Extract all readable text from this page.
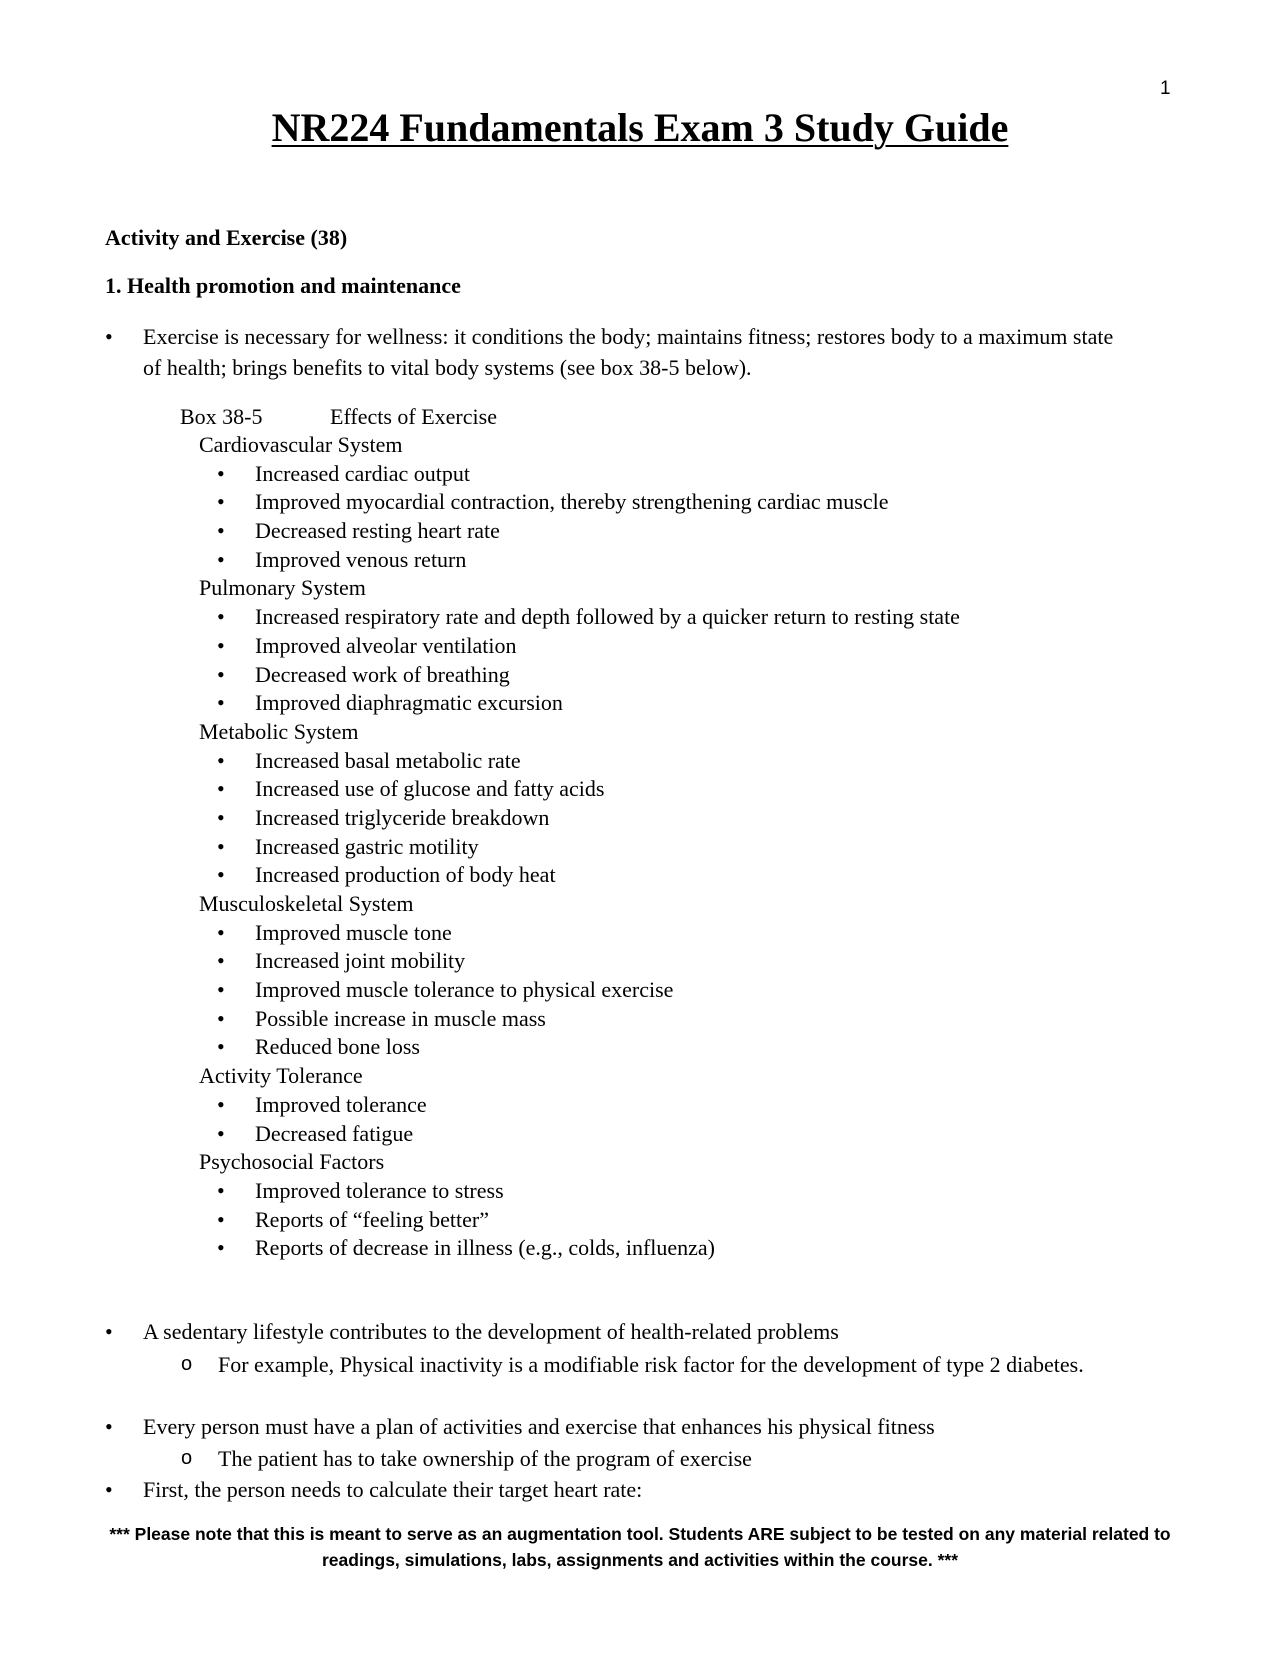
1
NR224 Fundamentals Exam 3 Study Guide
Activity and Exercise (38)
1. Health promotion and maintenance
• Exercise is necessary for wellness: it conditions the body; maintains fitness; restores body to a maximum state of health; brings benefits to vital body systems (see box 38-5 below).
Box 38-5	Effects of Exercise
Cardiovascular System
• Increased cardiac output
• Improved myocardial contraction, thereby strengthening cardiac muscle
• Decreased resting heart rate
• Improved venous return
Pulmonary System
• Increased respiratory rate and depth followed by a quicker return to resting state
• Improved alveolar ventilation
• Decreased work of breathing
• Improved diaphragmatic excursion
Metabolic System
• Increased basal metabolic rate
• Increased use of glucose and fatty acids
• Increased triglyceride breakdown
• Increased gastric motility
• Increased production of body heat
Musculoskeletal System
• Improved muscle tone
• Increased joint mobility
• Improved muscle tolerance to physical exercise
• Possible increase in muscle mass
• Reduced bone loss
Activity Tolerance
• Improved tolerance
• Decreased fatigue
Psychosocial Factors
• Improved tolerance to stress
• Reports of “feeling better”
• Reports of decrease in illness (e.g., colds, influenza)
• A sedentary lifestyle contributes to the development of health-related problems
o For example, Physical inactivity is a modifiable risk factor for the development of type 2 diabetes.
• Every person must have a plan of activities and exercise that enhances his physical fitness
o The patient has to take ownership of the program of exercise
• First, the person needs to calculate their target heart rate:
*** Please note that this is meant to serve as an augmentation tool. Students ARE subject to be tested on any material related to readings, simulations, labs, assignments and activities within the course. ***
